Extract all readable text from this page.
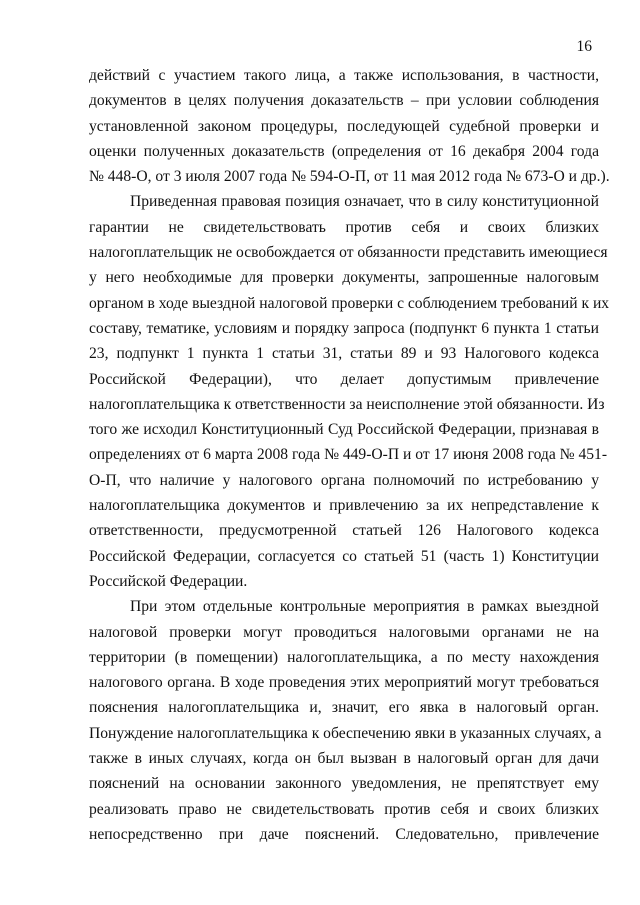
16
действий с участием такого лица, а также использования, в частности,
документов в целях получения доказательств – при условии соблюдения
установленной законом процедуры, последующей судебной проверки и
оценки полученных доказательств (определения от 16 декабря 2004 года
№ 448-О, от 3 июля 2007 года № 594-О-П, от 11 мая 2012 года № 673-О и др.).
Приведенная правовая позиция означает, что в силу конституционной
гарантии не свидетельствовать против себя и своих близких
налогоплательщик не освобождается от обязанности представить имеющиеся
у него необходимые для проверки документы, запрошенные налоговым
органом в ходе выездной налоговой проверки с соблюдением требований к их
составу, тематике, условиям и порядку запроса (подпункт 6 пункта 1 статьи
23, подпункт 1 пункта 1 статьи 31, статьи 89 и 93 Налогового кодекса
Российской Федерации), что делает допустимым привлечение
налогоплательщика к ответственности за неисполнение этой обязанности. Из
того же исходил Конституционный Суд Российской Федерации, признавая в
определениях от 6 марта 2008 года № 449-О-П и от 17 июня 2008 года № 451-
О-П, что наличие у налогового органа полномочий по истребованию у
налогоплательщика документов и привлечению за их непредставление к
ответственности, предусмотренной статьей 126 Налогового кодекса
Российской Федерации, согласуется со статьей 51 (часть 1) Конституции
Российской Федерации.
При этом отдельные контрольные мероприятия в рамках выездной
налоговой проверки могут проводиться налоговыми органами не на
территории (в помещении) налогоплательщика, а по месту нахождения
налогового органа. В ходе проведения этих мероприятий могут требоваться
пояснения налогоплательщика и, значит, его явка в налоговый орган.
Понуждение налогоплательщика к обеспечению явки в указанных случаях, а
также в иных случаях, когда он был вызван в налоговый орган для дачи
пояснений на основании законного уведомления, не препятствует ему
реализовать право не свидетельствовать против себя и своих близких
непосредственно при даче пояснений. Следовательно, привлечение
